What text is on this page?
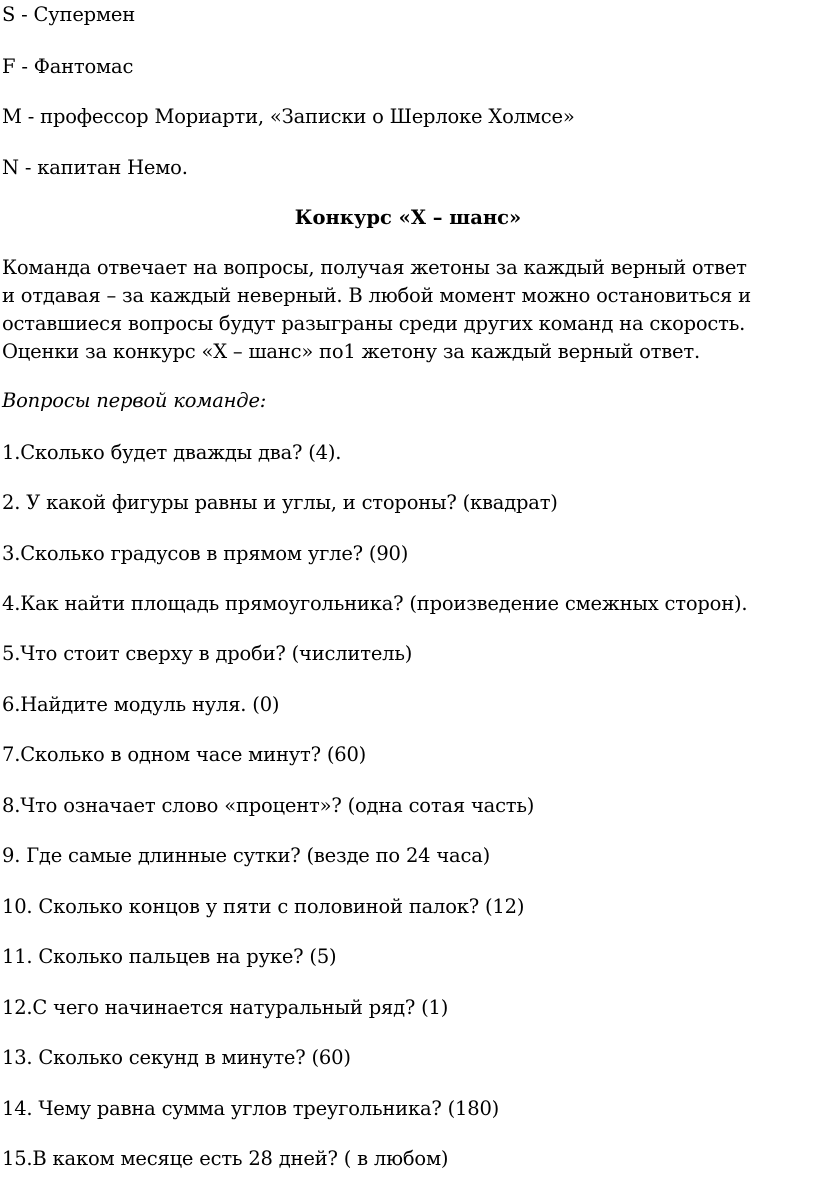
S - Супермен
F - Фантомас
M - профессор Мориарти, «Записки о Шерлоке Холмсе»
N - капитан Немо.
Конкурс «Х – шанс»
Команда отвечает на вопросы, получая жетоны за каждый верный ответ
и отдавая – за каждый неверный. В любой момент можно остановиться и
оставшиеся вопросы будут разыграны среди других команд на скорость.
Оценки за конкурс «Х – шанс» по1 жетону за каждый верный ответ.
Вопросы первой команде:
1.Сколько будет дважды два? (4).
2. У какой фигуры равны и углы, и стороны? (квадрат)
3.Сколько градусов в прямом угле? (90)
4.Как найти площадь прямоугольника? (произведение смежных сторон).
5.Что стоит сверху в дроби? (числитель)
6.Найдите модуль нуля. (0)
7.Сколько в одном часе минут? (60)
8.Что означает слово «процент»? (одна сотая часть)
9. Где самые длинные сутки? (везде по 24 часа)
10. Сколько концов у пяти с половиной палок? (12)
11. Сколько пальцев на руке? (5)
12.С чего начинается натуральный ряд? (1)
13. Сколько секунд в минуте? (60)
14. Чему равна сумма углов треугольника? (180)
15.В каком месяце есть 28 дней? ( в любом)
